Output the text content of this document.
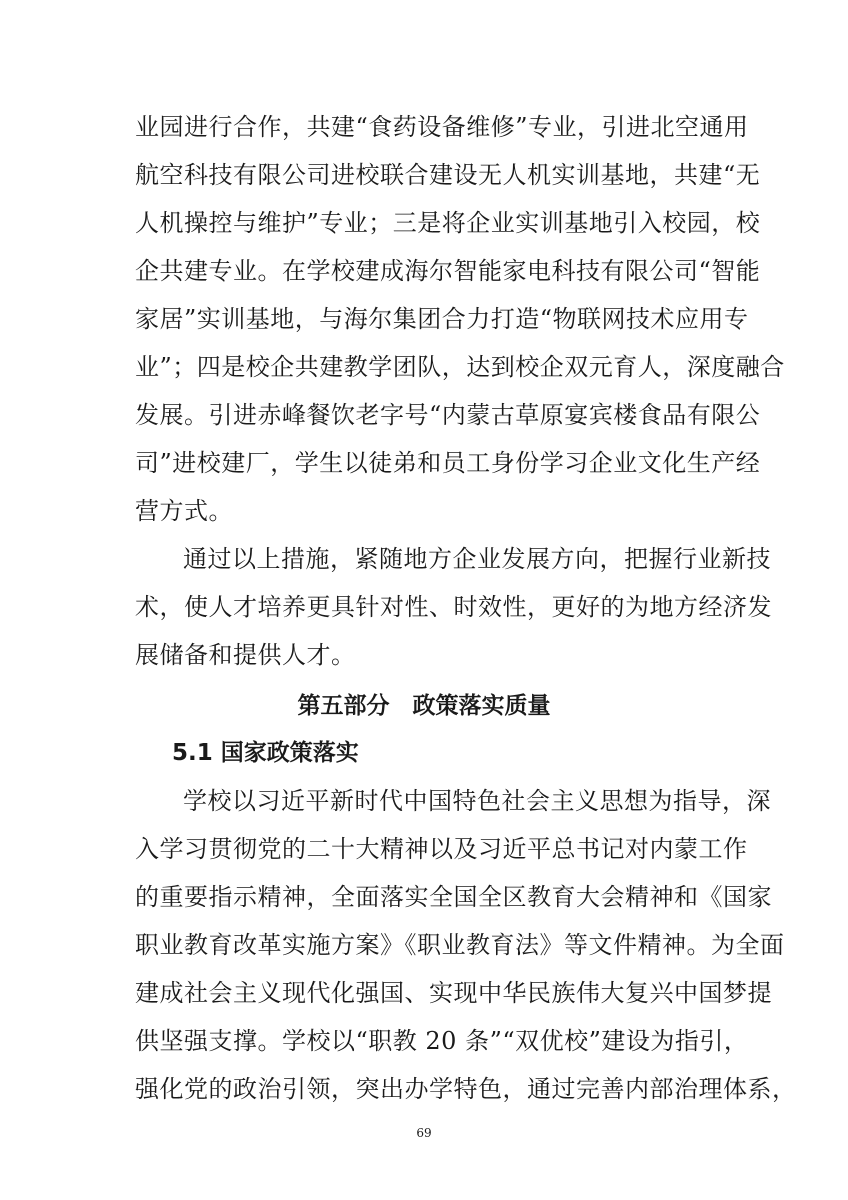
业园进行合作，共建“食药设备维修”专业，引进北空通用
航空科技有限公司进校联合建设无人机实训基地，共建“无
人机操控与维护”专业；三是将企业实训基地引入校园，校
企共建专业。在学校建成海尔智能家电科技有限公司“智能
家居”实训基地，与海尔集团合力打造“物联网技术应用专
业”；四是校企共建教学团队，达到校企双元育人，深度融合
发展。引进赤峰餐饮老字号“内蒙古草原宴宾楼食品有限公
司”进校建厂，学生以徒弟和员工身份学习企业文化生产经
营方式。
通过以上措施，紧随地方企业发展方向，把握行业新技
术，使人才培养更具针对性、时效性，更好的为地方经济发
展储备和提供人才。
第五部分　政策落实质量
5.1 国家政策落实
学校以习近平新时代中国特色社会主义思想为指导，深
入学习贯彻党的二十大精神以及习近平总书记对内蒙工作
的重要指示精神，全面落实全国全区教育大会精神和《国家
职业教育改革实施方案》《职业教育法》等文件精神。为全面
建成社会主义现代化强国、实现中华民族伟大复兴中国梦提
供坚强支撑。学校以“职教 20 条”“双优校”建设为指引，
强化党的政治引领，突出办学特色，通过完善内部治理体系，
69
